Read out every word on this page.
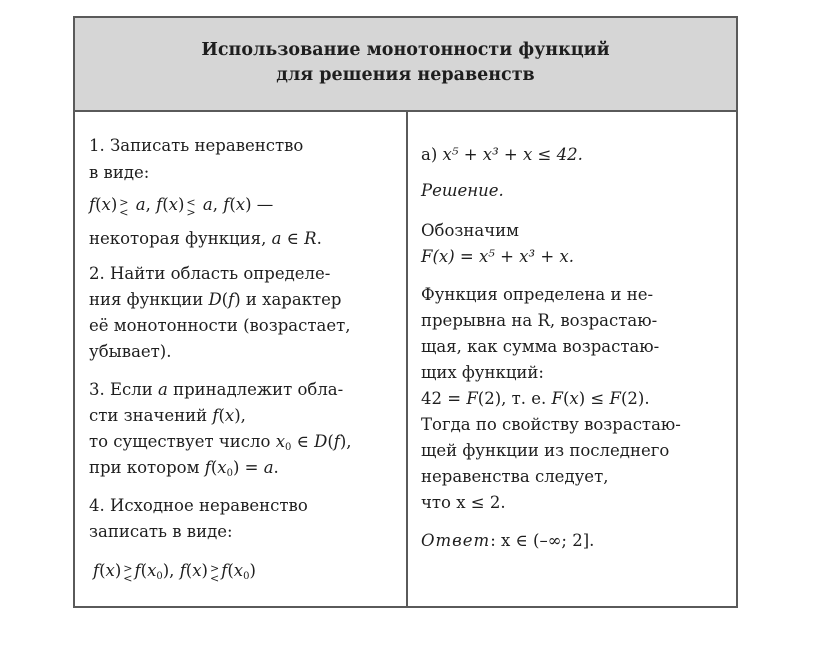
Использование монотонности функций
для решения неравенств
1. Записать неравенство
в виде:
f(x) >
< a, f(x) <
> a, f(x) —
некоторая функция, a ∈ R.
2. Найти область определе-
ния функции D(f) и характер
её монотонности (возрастает,
убывает).
3. Если a принадлежит обла-
сти значений f(x),
то существует число $x_0$ ∈ D(f),
при котором $f(x_0) = a$.
4. Исходное неравенство
записать в виде:
f(x) >
< $f(x_0)$, f(x) >
< $f(x_0)$
а) x⁵ + x³ + x ≤ 42.
Решение.
Обозначим
F(x) = x⁵ + x³ + x.
Функция определена и не-
прерывна на R, возрастаю-
щая, как сумма возрастаю-
щих функций:
42 = F(2), т. е. F(x) ≤ F(2).
Тогда по свойству возрастаю-
щей функции из последнего
неравенства следует,
что x ≤ 2.
Ответ: x ∈ (–∞; 2].
